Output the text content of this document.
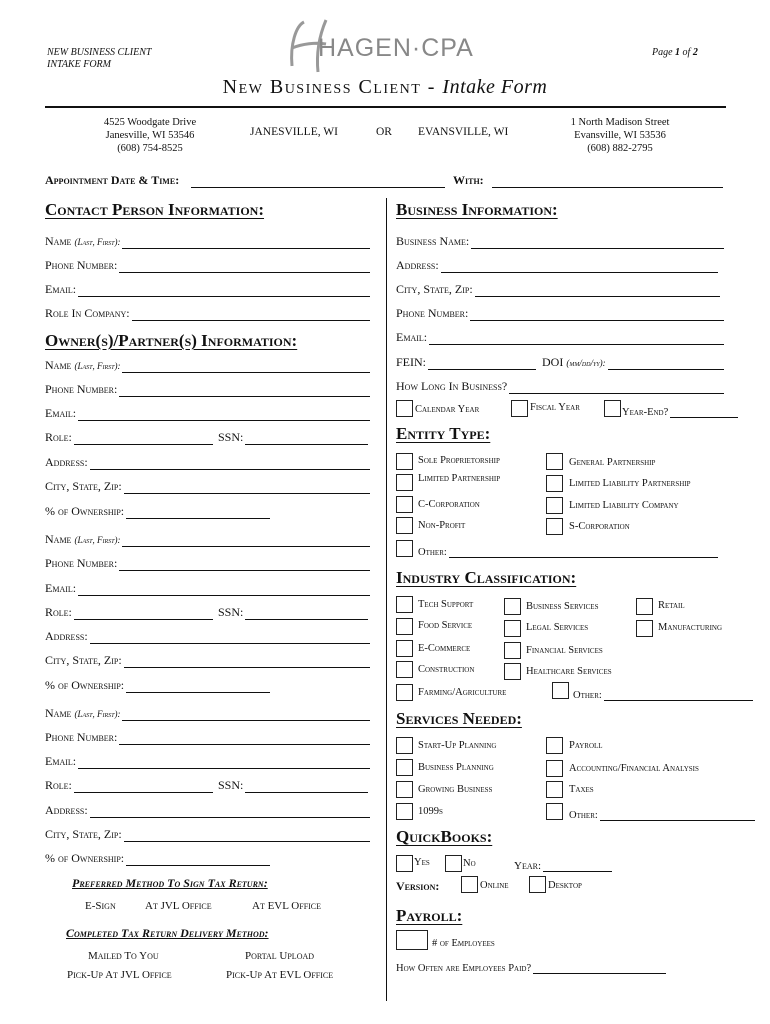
NEW BUSINESS CLIENT
INTAKE FORM
HAGEN·CPA	Page 1 of 2
New Business Client - Intake Form
4525 Woodgate Drive
Janesville, WI 53546
(608) 754-8525
JANESVILLE, WI	OR EVANSVILLE, WI
1 North Madison Street
Evansville, WI 53536
(608) 882-2795
Appointment Date & Time:	With:
Contact Person Information:
Name (Last, First):
Phone Number:
Email:
Role In Company:
Owner(s)/Partner(s) Information:
Name (Last, First):
Phone Number:
Email:
Role:	SSN:
Address:
City, State, Zip:
% of Ownership:
Name (Last, First):
Phone Number:
Email:
Role:	SSN:
Address:
City, State, Zip:
% of Ownership:
Name (Last, First):
Phone Number:
Email:
Role:	SSN:
Address:
City, State, Zip:
% of Ownership:
Preferred Method To Sign Tax Return:
E-Sign	At JVL Office	At EVL Office
Completed Tax Return Delivery Method:
Mailed To You	Portal Upload
Pick-Up At JVL Office	Pick-Up At EVL Office
Business Information:
Business Name:
Address:
City, State, Zip:
Phone Number:
Email:
FEIN:	DOI (mm/dd/yy):
How Long In Business?
Calendar Year	Fiscal Year	Year-End?
Entity Type:
Sole Proprietorship	General Partnership
Limited Partnership	Limited Liability Partnership
C-Corporation	Limited Liability Company
Non-Profit	S-Corporation
Other:
Industry Classification:
Tech Support	Business Services	Retail
Food Service	Legal Services	Manufacturing
E-Commerce	Financial Services
Construction	Healthcare Services
Farming/Agriculture	Other:
Services Needed:
Start-Up Planning	Payroll
Business Planning	Accounting/Financial Analysis
Growing Business	Taxes
1099s	Other:
QuickBooks:
Yes	No	Year:
Version:	Online	Desktop
Payroll:
# of Employees
How Often are Employees Paid?
